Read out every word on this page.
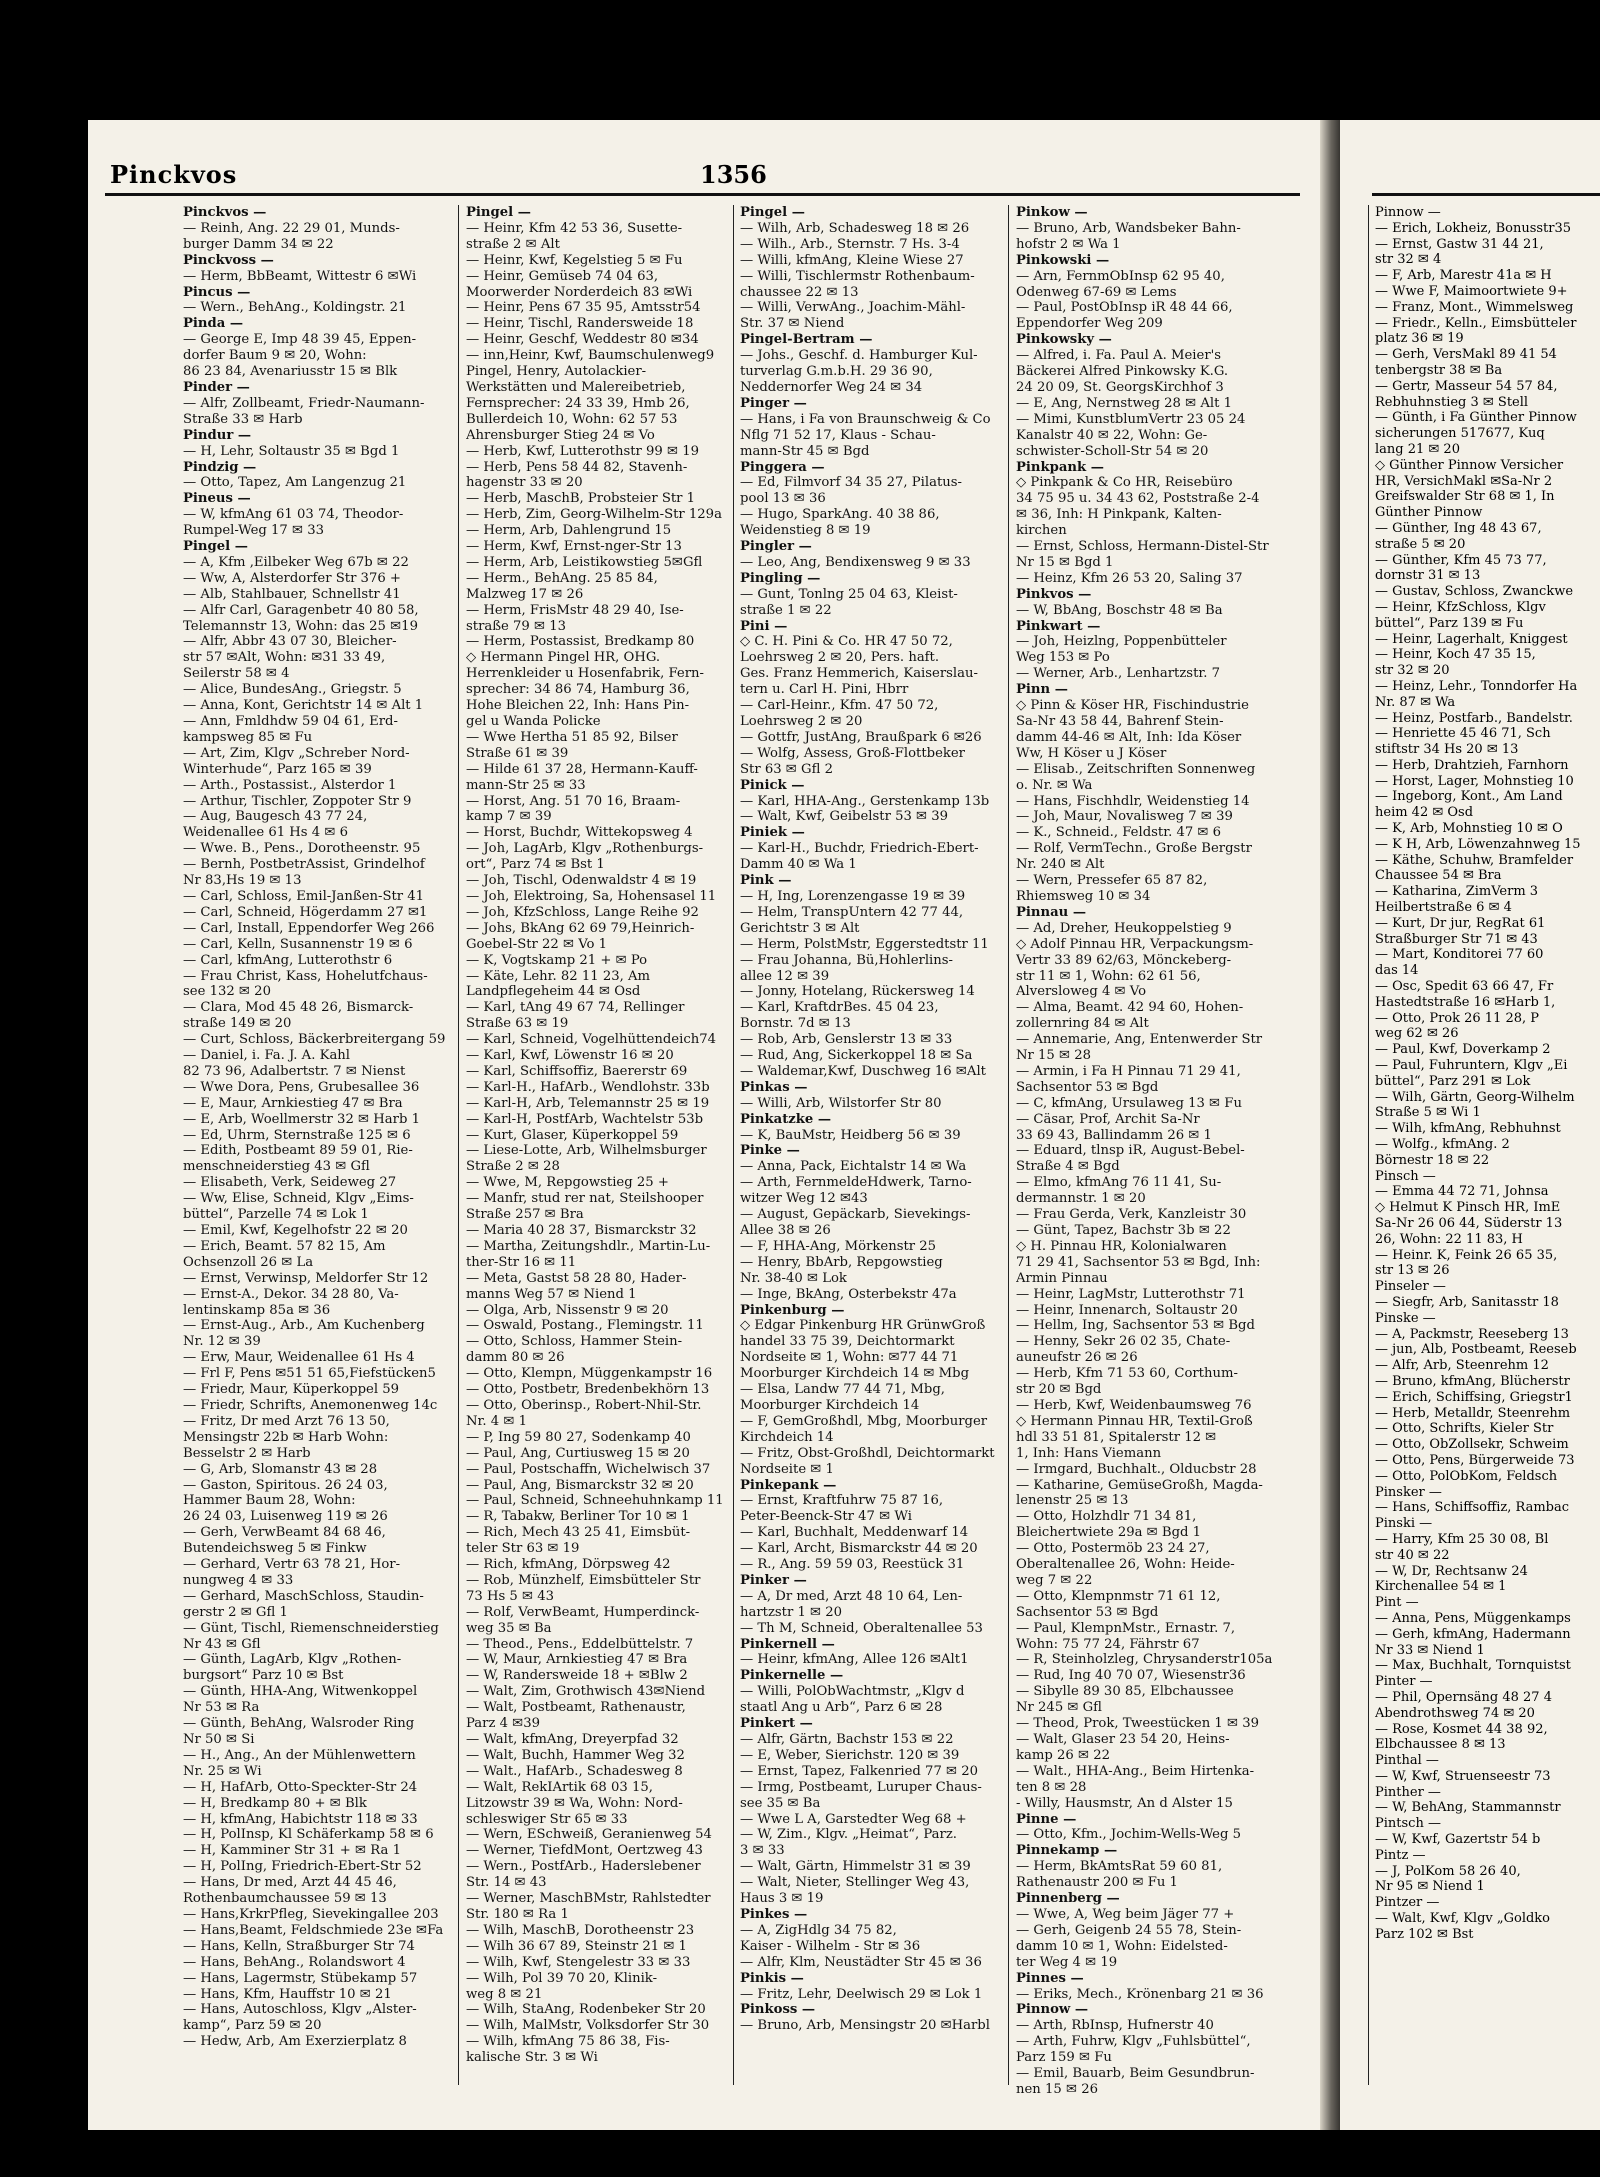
Pinckvos	1356
Pinckvos —
— Reinh, Ang. 22 29 01, Munds-
burger Damm 34 ✉ 22
Pinckvoss —
— Herm, BbBeamt, Wittestr 6 ✉Wi
Pincus —
— Wern., BehAng., Koldingstr. 21
Pinda —
— George E, Imp 48 39 45, Eppen-
dorfer Baum 9 ✉ 20, Wohn:
86 23 84, Avenariusstr 15 ✉ Blk
Pinder —
— Alfr, Zollbeamt, Friedr-Naumann-
Straße 33 ✉ Harb
Pindur —
— H, Lehr, Soltaustr 35 ✉ Bgd 1
Pindzig —
— Otto, Tapez, Am Langenzug 21
Pineus —
— W, kfmAng 61 03 74, Theodor-
Rumpel-Weg 17 ✉ 33
Pingel —
— A, Kfm ,Eilbeker Weg 67b ✉ 22
— Ww, A, Alsterdorfer Str 376 +
— Alb, Stahlbauer, Schnellstr 41
— Alfr Carl, Garagenbetr 40 80 58,
Telemannstr 13, Wohn: das 25 ✉19
— Alfr, Abbr 43 07 30, Bleicher-
str 57 ✉Alt, Wohn: ✉31 33 49,
Seilerstr 58 ✉ 4
— Alice, BundesAng., Griegstr. 5
— Anna, Kont, Gerichtstr 14 ✉ Alt 1
— Ann, Fmldhdw 59 04 61, Erd-
kampsweg 85 ✉ Fu
— Art, Zim, Klgv „Schreber Nord-
Winterhude“, Parz 165 ✉ 39
— Arth., Postassist., Alsterdor 1
— Arthur, Tischler, Zoppoter Str 9
— Aug, Baugesch 43 77 24,
Weidenallee 61 Hs 4 ✉ 6
— Wwe. B., Pens., Dorotheenstr. 95
— Bernh, PostbetrAssist, Grindelhof
Nr 83,Hs 19 ✉ 13
— Carl, Schloss, Emil-Janßen-Str 41
— Carl, Schneid, Högerdamm 27 ✉1
— Carl, Install, Eppendorfer Weg 266
— Carl, Kelln, Susannenstr 19 ✉ 6
— Carl, kfmAng, Lutterothstr 6
— Frau Christ, Kass, Hohelutfchaus-
see 132 ✉ 20
— Clara, Mod 45 48 26, Bismarck-
straße 149 ✉ 20
— Curt, Schloss, Bäckerbreitergang 59
— Daniel, i. Fa. J. A. Kahl
82 73 96, Adalbertstr. 7 ✉ Nienst
— Wwe Dora, Pens, Grubesallee 36
— E, Maur, Arnkiestieg 47 ✉ Bra
— E, Arb, Woellmerstr 32 ✉ Harb 1
— Ed, Uhrm, Sternstraße 125 ✉ 6
— Edith, Postbeamt 89 59 01, Rie-
menschneiderstieg 43 ✉ Gfl
— Elisabeth, Verk, Seideweg 27
— Ww, Elise, Schneid, Klgv „Eims-
büttel“, Parzelle 74 ✉ Lok 1
— Emil, Kwf, Kegelhofstr 22 ✉ 20
— Erich, Beamt. 57 82 15, Am
Ochsenzoll 26 ✉ La
— Ernst, Verwinsp, Meldorfer Str 12
— Ernst-A., Dekor. 34 28 80, Va-
lentinskamp 85a ✉ 36
— Ernst-Aug., Arb., Am Kuchenberg
Nr. 12 ✉ 39
— Erw, Maur, Weidenallee 61 Hs 4
— Frl F, Pens ✉51 51 65,Fiefstücken5
— Friedr, Maur, Küperkoppel 59
— Friedr, Schrifts, Anemonenweg 14c
— Fritz, Dr med Arzt 76 13 50,
Mensingstr 22b ✉ Harb Wohn:
Besselstr 2 ✉ Harb
— G, Arb, Slomanstr 43 ✉ 28
— Gaston, Spiritous. 26 24 03,
Hammer Baum 28, Wohn:
26 24 03, Luisenweg 119 ✉ 26
— Gerh, VerwBeamt 84 68 46,
Butendeichsweg 5 ✉ Finkw
— Gerhard, Vertr 63 78 21, Hor-
nungweg 4 ✉ 33
— Gerhard, MaschSchloss, Staudin-
gerstr 2 ✉ Gfl 1
— Günt, Tischl, Riemenschneiderstieg
Nr 43 ✉ Gfl
— Günth, LagArb, Klgv „Rothen-
burgsort“ Parz 10 ✉ Bst
— Günth, HHA-Ang, Witwenkoppel
Nr 53 ✉ Ra
— Günth, BehAng, Walsroder Ring
Nr 50 ✉ Si
— H., Ang., An der Mühlenwettern
Nr. 25 ✉ Wi
— H, HafArb, Otto-Speckter-Str 24
— H, Bredkamp 80 + ✉ Blk
— H, kfmAng, Habichtstr 118 ✉ 33
— H, PolInsp, Kl Schäferkamp 58 ✉ 6
— H, Kamminer Str 31 + ✉ Ra 1
— H, PolIng, Friedrich-Ebert-Str 52
— Hans, Dr med, Arzt 44 45 46,
Rothenbaumchaussee 59 ✉ 13
— Hans,KrkrPfleg, Sievekingallee 203
— Hans,Beamt, Feldschmiede 23e ✉Fa
— Hans, Kelln, Straßburger Str 74
— Hans, BehAng., Rolandswort 4
— Hans, Lagermstr, Stübekamp 57
— Hans, Kfm, Hauffstr 10 ✉ 21
— Hans, Autoschloss, Klgv „Alster-
kamp“, Parz 59 ✉ 20
— Hedw, Arb, Am Exerzierplatz 8
Pingel —
— Heinr, Kfm 42 53 36, Susette-
straße 2 ✉ Alt
— Heinr, Kwf, Kegelstieg 5 ✉ Fu
— Heinr, Gemüseb 74 04 63,
Moorwerder Norderdeich 83 ✉Wi
— Heinr, Pens 67 35 95, Amtsstr54
— Heinr, Tischl, Randersweide 18
— Heinr, Geschf, Weddestr 80 ✉34
— inn,Heinr, Kwf, Baumschulenweg9
Pingel, Henry, Autolackier-
Werkstätten und Malereibetrieb,
Fernsprecher: 24 33 39, Hmb 26,
Bullerdeich 10, Wohn: 62 57 53
Ahrensburger Stieg 24 ✉ Vo
— Herb, Kwf, Lutterothstr 99 ✉ 19
— Herb, Pens 58 44 82, Stavenh-
hagenstr 33 ✉ 20
— Herb, MaschB, Probsteier Str 1
— Herb, Zim, Georg-Wilhelm-Str 129a
— Herm, Arb, Dahlengrund 15
— Herm, Kwf, Ernst-nger-Str 13
— Herm, Arb, Leistikowstieg 5✉Gfl
— Herm., BehAng. 25 85 84,
Malzweg 17 ✉ 26
— Herm, FrisMstr 48 29 40, Ise-
straße 79 ✉ 13
— Herm, Postassist, Bredkamp 80
◇ Hermann Pingel HR, OHG.
Herrenkleider u Hosenfabrik, Fern-
sprecher: 34 86 74, Hamburg 36,
Hohe Bleichen 22, Inh: Hans Pin-
gel u Wanda Policke
— Wwe Hertha 51 85 92, Bilser
Straße 61 ✉ 39
— Hilde 61 37 28, Hermann-Kauff-
mann-Str 25 ✉ 33
— Horst, Ang. 51 70 16, Braam-
kamp 7 ✉ 39
— Horst, Buchdr, Wittekopsweg 4
— Joh, LagArb, Klgv „Rothenburgs-
ort“, Parz 74 ✉ Bst 1
— Joh, Tischl, Odenwaldstr 4 ✉ 19
— Joh, Elektroing, Sa, Hohensasel 11
— Joh, KfzSchloss, Lange Reihe 92
— Johs, BkAng 62 69 79,Heinrich-
Goebel-Str 22 ✉ Vo 1
— K, Vogtskamp 21 + ✉ Po
— Käte, Lehr. 82 11 23, Am
Landpflegeheim 44 ✉ Osd
— Karl, tAng 49 67 74, Rellinger
Straße 63 ✉ 19
— Karl, Schneid, Vogelhüttendeich74
— Karl, Kwf, Löwenstr 16 ✉ 20
— Karl, Schiffsoffiz, Baererstr 69
— Karl-H., HafArb., Wendlohstr. 33b
— Karl-H, Arb, Telemannstr 25 ✉ 19
— Karl-H, PostfArb, Wachtelstr 53b
— Kurt, Glaser, Küperkoppel 59
— Liese-Lotte, Arb, Wilhelmsburger
Straße 2 ✉ 28
— Wwe, M, Repgowstieg 25 +
— Manfr, stud rer nat, Steilshooper
Straße 257 ✉ Bra
— Maria 40 28 37, Bismarckstr 32
— Martha, Zeitungshdlr., Martin-Lu-
ther-Str 16 ✉ 11
— Meta, Gastst 58 28 80, Hader-
manns Weg 57 ✉ Niend 1
— Olga, Arb, Nissenstr 9 ✉ 20
— Oswald, Postang., Flemingstr. 11
— Otto, Schloss, Hammer Stein-
damm 80 ✉ 26
— Otto, Klempn, Müggenkampstr 16
— Otto, Postbetr, Bredenbekhörn 13
— Otto, Oberinsp., Robert-Nhil-Str.
Nr. 4 ✉ 1
— P, Ing 59 80 27, Sodenkamp 40
— Paul, Ang, Curtiusweg 15 ✉ 20
— Paul, Postschaffn, Wichelwisch 37
— Paul, Ang, Bismarckstr 32 ✉ 20
— Paul, Schneid, Schneehuhnkamp 11
— R, Tabakw, Berliner Tor 10 ✉ 1
— Rich, Mech 43 25 41, Eimsbüt-
teler Str 63 ✉ 19
— Rich, kfmAng, Dörpsweg 42
— Rob, Münzhelf, Eimsbütteler Str
73 Hs 5 ✉ 43
— Rolf, VerwBeamt, Humperdinck-
weg 35 ✉ Ba
— Theod., Pens., Eddelbüttelstr. 7
— W, Maur, Arnkiestieg 47 ✉ Bra
— W, Randersweide 18 + ✉Blw 2
— Walt, Zim, Grothwisch 43✉Niend
— Walt, Postbeamt, Rathenaustr,
Parz 4 ✉39
— Walt, kfmAng, Dreyerpfad 32
— Walt, Buchh, Hammer Weg 32
— Walt., HafArb., Schadesweg 8
— Walt, RekIArtik 68 03 15,
Litzowstr 39 ✉ Wa, Wohn: Nord-
schleswiger Str 65 ✉ 33
— Wern, ESchweiß, Geranienweg 54
— Werner, TiefdMont, Oertzweg 43
— Wern., PostfArb., Haderslebener
Str. 14 ✉ 43
— Werner, MaschBMstr, Rahlstedter
Str. 180 ✉ Ra 1
— Wilh, MaschB, Dorotheenstr 23
— Wilh 36 67 89, Steinstr 21 ✉ 1
— Wilh, Kwf, Stengelestr 33 ✉ 33
— Wilh, Pol 39 70 20, Klinik-
weg 8 ✉ 21
— Wilh, StaAng, Rodenbeker Str 20
— Wilh, MalMstr, Volksdorfer Str 30
— Wilh, kfmAng 75 86 38, Fis-
kalische Str. 3 ✉ Wi
Pingel —
— Wilh, Arb, Schadesweg 18 ✉ 26
— Wilh., Arb., Sternstr. 7 Hs. 3-4
— Willi, kfmAng, Kleine Wiese 27
— Willi, Tischlermstr Rothenbaum-
chaussee 22 ✉ 13
— Willi, VerwAng., Joachim-Mähl-
Str. 37 ✉ Niend
Pingel-Bertram —
— Johs., Geschf. d. Hamburger Kul-
turverlag G.m.b.H. 29 36 90,
Neddernorfer Weg 24 ✉ 34
Pinger —
— Hans, i Fa von Braunschweig & Co
Nflg 71 52 17, Klaus - Schau-
mann-Str 45 ✉ Bgd
Pinggera —
— Ed, Filmvorf 34 35 27, Pilatus-
pool 13 ✉ 36
— Hugo, SparkAng. 40 38 86,
Weidenstieg 8 ✉ 19
Pingler —
— Leo, Ang, Bendixensweg 9 ✉ 33
Pingling —
— Gunt, Tonlng 25 04 63, Kleist-
straße 1 ✉ 22
Pini —
◇ C. H. Pini & Co. HR 47 50 72,
Loehrsweg 2 ✉ 20, Pers. haft.
Ges. Franz Hemmerich, Kaiserslau-
tern u. Carl H. Pini, Hbrr
— Carl-Heinr., Kfm. 47 50 72,
Loehrsweg 2 ✉ 20
— Gottfr, JustAng, Braußpark 6 ✉26
— Wolfg, Assess, Groß-Flottbeker
Str 63 ✉ Gfl 2
Pinick —
— Karl, HHA-Ang., Gerstenkamp 13b
— Walt, Kwf, Geibelstr 53 ✉ 39
Piniek —
— Karl-H., Buchdr, Friedrich-Ebert-
Damm 40 ✉ Wa 1
Pink —
— H, Ing, Lorenzengasse 19 ✉ 39
— Helm, TranspUntern 42 77 44,
Gerichtstr 3 ✉ Alt
— Herm, PolstMstr, Eggerstedtstr 11
— Frau Johanna, Bü,Hohlerlins-
allee 12 ✉ 39
— Jonny, Hotelang, Rückersweg 14
— Karl, KraftdrBes. 45 04 23,
Bornstr. 7d ✉ 13
— Rob, Arb, Genslerstr 13 ✉ 33
— Rud, Ang, Sickerkoppel 18 ✉ Sa
— Waldemar,Kwf, Duschweg 16 ✉Alt
Pinkas —
— Willi, Arb, Wilstorfer Str 80
Pinkatzke —
— K, BauMstr, Heidberg 56 ✉ 39
Pinke —
— Anna, Pack, Eichtalstr 14 ✉ Wa
— Arth, FernmeldeHdwerk, Tarno-
witzer Weg 12 ✉43
— August, Gepäckarb, Sievekings-
Allee 38 ✉ 26
— F, HHA-Ang, Mörkenstr 25
— Henry, BbArb, Repgowstieg
Nr. 38-40 ✉ Lok
— Inge, BkAng, Osterbekstr 47a
Pinkenburg —
◇ Edgar Pinkenburg HR GrünwGroß
handel 33 75 39, Deichtormarkt
Nordseite ✉ 1, Wohn: ✉77 44 71
Moorburger Kirchdeich 14 ✉ Mbg
— Elsa, Landw 77 44 71, Mbg,
Moorburger Kirchdeich 14
— F, GemGroßhdl, Mbg, Moorburger
Kirchdeich 14
— Fritz, Obst-Großhdl, Deichtormarkt
Nordseite ✉ 1
Pinkepank —
— Ernst, Kraftfuhrw 75 87 16,
Peter-Beenck-Str 47 ✉ Wi
— Karl, Buchhalt, Meddenwarf 14
— Karl, Archt, Bismarckstr 44 ✉ 20
— R., Ang. 59 59 03, Reestück 31
Pinker —
— A, Dr med, Arzt 48 10 64, Len-
hartzstr 1 ✉ 20
— Th M, Schneid, Oberaltenallee 53
Pinkernell —
— Heinr, kfmAng, Allee 126 ✉Alt1
Pinkernelle —
— Willi, PolObWachtmstr, „Klgv d
staatl Ang u Arb“, Parz 6 ✉ 28
Pinkert —
— Alfr, Gärtn, Bachstr 153 ✉ 22
— E, Weber, Sierichstr. 120 ✉ 39
— Ernst, Tapez, Falkenried 77 ✉ 20
— Irmg, Postbeamt, Luruper Chaus-
see 35 ✉ Ba
— Wwe L A, Garstedter Weg 68 +
— W, Zim., Klgv. „Heimat“, Parz.
3 ✉ 33
— Walt, Gärtn, Himmelstr 31 ✉ 39
— Walt, Nieter, Stellinger Weg 43,
Haus 3 ✉ 19
Pinkes —
— A, ZigHdlg 34 75 82,
Kaiser - Wilhelm - Str ✉ 36
— Alfr, Klm, Neustädter Str 45 ✉ 36
Pinkis —
— Fritz, Lehr, Deelwisch 29 ✉ Lok 1
Pinkoss —
— Bruno, Arb, Mensingstr 20 ✉Harbl
Pinkow —
— Bruno, Arb, Wandsbeker Bahn-
hofstr 2 ✉ Wa 1
Pinkowski —
— Arn, FernmObInsp 62 95 40,
Odenweg 67-69 ✉ Lems
— Paul, PostObInsp iR 48 44 66,
Eppendorfer Weg 209
Pinkowsky —
— Alfred, i. Fa. Paul A. Meier's
Bäckerei Alfred Pinkowsky K.G.
24 20 09, St. GeorgsKirchhof 3
— E, Ang, Nernstweg 28 ✉ Alt 1
— Mimi, KunstblumVertr 23 05 24
Kanalstr 40 ✉ 22, Wohn: Ge-
schwister-Scholl-Str 54 ✉ 20
Pinkpank —
◇ Pinkpank & Co HR, Reisebüro
34 75 95 u. 34 43 62, Poststraße 2-4
✉ 36, Inh: H Pinkpank, Kalten-
kirchen
— Ernst, Schloss, Hermann-Distel-Str
Nr 15 ✉ Bgd 1
— Heinz, Kfm 26 53 20, Saling 37
Pinkvos —
— W, BbAng, Boschstr 48 ✉ Ba
Pinkwart —
— Joh, Heizlng, Poppenbütteler
Weg 153 ✉ Po
— Werner, Arb., Lenhartzstr. 7
Pinn —
◇ Pinn & Köser HR, Fischindustrie
Sa-Nr 43 58 44, Bahrenf Stein-
damm 44-46 ✉ Alt, Inh: Ida Köser
Ww, H Köser u J Köser
— Elisab., Zeitschriften Sonnenweg
o. Nr. ✉ Wa
— Hans, Fischhdlr, Weidenstieg 14
— Joh, Maur, Novalisweg 7 ✉ 39
— K., Schneid., Feldstr. 47 ✉ 6
— Rolf, VermTechn., Große Bergstr
Nr. 240 ✉ Alt
— Wern, Pressefer 65 87 82,
Rhiemsweg 10 ✉ 34
Pinnau —
— Ad, Dreher, Heukoppelstieg 9
◇ Adolf Pinnau HR, Verpackungsm-
Vertr 33 89 62/63, Mönckeberg-
str 11 ✉ 1, Wohn: 62 61 56,
Alversloweg 4 ✉ Vo
— Alma, Beamt. 42 94 60, Hohen-
zollernring 84 ✉ Alt
— Annemarie, Ang, Entenwerder Str
Nr 15 ✉ 28
— Armin, i Fa H Pinnau 71 29 41,
Sachsentor 53 ✉ Bgd
— C, kfmAng, Ursulaweg 13 ✉ Fu
— Cäsar, Prof, Archit Sa-Nr
33 69 43, Ballindamm 26 ✉ 1
— Eduard, tlnsp iR, August-Bebel-
Straße 4 ✉ Bgd
— Elmo, kfmAng 76 11 41, Su-
dermannstr. 1 ✉ 20
— Frau Gerda, Verk, Kanzleistr 30
— Günt, Tapez, Bachstr 3b ✉ 22
◇ H. Pinnau HR, Kolonialwaren
71 29 41, Sachsentor 53 ✉ Bgd, Inh:
Armin Pinnau
— Heinr, LagMstr, Lutterothstr 71
— Heinr, Innenarch, Soltaustr 20
— Hellm, Ing, Sachsentor 53 ✉ Bgd
— Henny, Sekr 26 02 35, Chate-
auneufstr 26 ✉ 26
— Herb, Kfm 71 53 60, Corthum-
str 20 ✉ Bgd
— Herb, Kwf, Weidenbaumsweg 76
◇ Hermann Pinnau HR, Textil-Groß
hdl 33 51 81, Spitalerstr 12 ✉
1, Inh: Hans Viemann
— Irmgard, Buchhalt., Olducbstr 28
— Katharine, GemüseGroßh, Magda-
lenenstr 25 ✉ 13
— Otto, Holzhdlr 71 34 81,
Bleichertwiete 29a ✉ Bgd 1
— Otto, Postermöb 23 24 27,
Oberaltenallee 26, Wohn: Heide-
weg 7 ✉ 22
— Otto, Klempnmstr 71 61 12,
Sachsentor 53 ✉ Bgd
— Paul, KlempnMstr., Ernastr. 7,
Wohn: 75 77 24, Fährstr 67
— R, Steinholzleg, Chrysanderstr105a
— Rud, Ing 40 70 07, Wiesenstr36
— Sibylle 89 30 85, Elbchaussee
Nr 245 ✉ Gfl
— Theod, Prok, Tweestücken 1 ✉ 39
— Walt, Glaser 23 54 20, Heins-
kamp 26 ✉ 22
— Walt., HHA-Ang., Beim Hirtenka-
ten 8 ✉ 28
- Willy, Hausmstr, An d Alster 15
Pinne —
— Otto, Kfm., Jochim-Wells-Weg 5
Pinnekamp —
— Herm, BkAmtsRat 59 60 81,
Rathenaustr 200 ✉ Fu 1
Pinnenberg —
— Wwe, A, Weg beim Jäger 77 +
— Gerh, Geigenb 24 55 78, Stein-
damm 10 ✉ 1, Wohn: Eidelsted-
ter Weg 4 ✉ 19
Pinnes —
— Eriks, Mech., Krönenbarg 21 ✉ 36
Pinnow —
— Arth, RbInsp, Hufnerstr 40
— Arth, Fuhrw, Klgv „Fuhlsbüttel“,
Parz 159 ✉ Fu
— Emil, Bauarb, Beim Gesundbrun-
nen 15 ✉ 26
Pinnow —
— Erich, Lokheiz, Bonusstr35
— Ernst, Gastw 31 44 21,
str 32 ✉ 4
— F, Arb, Marestr 41a ✉ H
— Wwe F, Maimoortwiete 9+
— Franz, Mont., Wimmelsweg
— Friedr., Kelln., Eimsbütteler
platz 36 ✉ 19
— Gerh, VersMakl 89 41 54
tenbergstr 38 ✉ Ba
— Gertr, Masseur 54 57 84,
Rebhuhnstieg 3 ✉ Stell
— Günth, i Fa Günther Pinnow
sicherungen 517677, Kuq
lang 21 ✉ 20
◇ Günther Pinnow Versicher
HR, VersichMakl ✉Sa-Nr 2
Greifswalder Str 68 ✉ 1, In
Günther Pinnow
— Günther, Ing 48 43 67,
straße 5 ✉ 20
— Günther, Kfm 45 73 77,
dornstr 31 ✉ 13
— Gustav, Schloss, Zwanckwe
— Heinr, KfzSchloss, Klgv
büttel“, Parz 139 ✉ Fu
— Heinr, Lagerhalt, Kniggest
— Heinr, Koch 47 35 15,
str 32 ✉ 20
— Heinz, Lehr., Tonndorfer Ha
Nr. 87 ✉ Wa
— Heinz, Postfarb., Bandelstr.
— Henriette 45 46 71, Sch
stiftstr 34 Hs 20 ✉ 13
— Herb, Drahtzieh, Farnhorn
— Horst, Lager, Mohnstieg 10
— Ingeborg, Kont., Am Land
heim 42 ✉ Osd
— K, Arb, Mohnstieg 10 ✉ O
— K H, Arb, Löwenzahnweg 15
— Käthe, Schuhw, Bramfelder
Chaussee 54 ✉ Bra
— Katharina, ZimVerm 3
Heilbertstraße 6 ✉ 4
— Kurt, Dr jur, RegRat 61
Straßburger Str 71 ✉ 43
— Mart, Konditorei 77 60
das 14
— Osc, Spedit 63 66 47, Fr
Hastedtstraße 16 ✉Harb 1,
— Otto, Prok 26 11 28, P
weg 62 ✉ 26
— Paul, Kwf, Doverkamp 2
— Paul, Fuhruntern, Klgv „Ei
büttel“, Parz 291 ✉ Lok
— Wilh, Gärtn, Georg-Wilhelm
Straße 5 ✉ Wi 1
— Wilh, kfmAng, Rebhuhnst
— Wolfg., kfmAng. 2
Börnestr 18 ✉ 22
Pinsch —
— Emma 44 72 71, Johnsa
◇ Helmut K Pinsch HR, ImE
Sa-Nr 26 06 44, Süderstr 13
26, Wohn: 22 11 83, H
— Heinr. K, Feink 26 65 35,
str 13 ✉ 26
Pinseler —
— Siegfr, Arb, Sanitasstr 18
Pinske —
— A, Packmstr, Reeseberg 13
— jun, Alb, Postbeamt, Reeseb
— Alfr, Arb, Steenrehm 12
— Bruno, kfmAng, Blücherstr
— Erich, Schiffsing, Griegstr1
— Herb, Metalldr, Steenrehm
— Otto, Schrifts, Kieler Str
— Otto, ObZollsekr, Schweim
— Otto, Pens, Bürgerweide 73
— Otto, PolObKom, Feldsch
Pinsker —
— Hans, Schiffsoffiz, Rambac
Pinski —
— Harry, Kfm 25 30 08, Bl
str 40 ✉ 22
— W, Dr, Rechtsanw 24
Kirchenallee 54 ✉ 1
Pint —
— Anna, Pens, Müggenkamps
— Gerh, kfmAng, Hadermann
Nr 33 ✉ Niend 1
— Max, Buchhalt, Tornquistst
Pinter —
— Phil, Opernsäng 48 27 4
Abendrothsweg 74 ✉ 20
— Rose, Kosmet 44 38 92,
Elbchaussee 8 ✉ 13
Pinthal —
— W, Kwf, Struenseestr 73
Pinther —
— W, BehAng, Stammannstr
Pintsch —
— W, Kwf, Gazertstr 54 b
Pintz —
— J, PolKom 58 26 40,
Nr 95 ✉ Niend 1
Pintzer —
— Walt, Kwf, Klgv „Goldko
Parz 102 ✉ Bst
